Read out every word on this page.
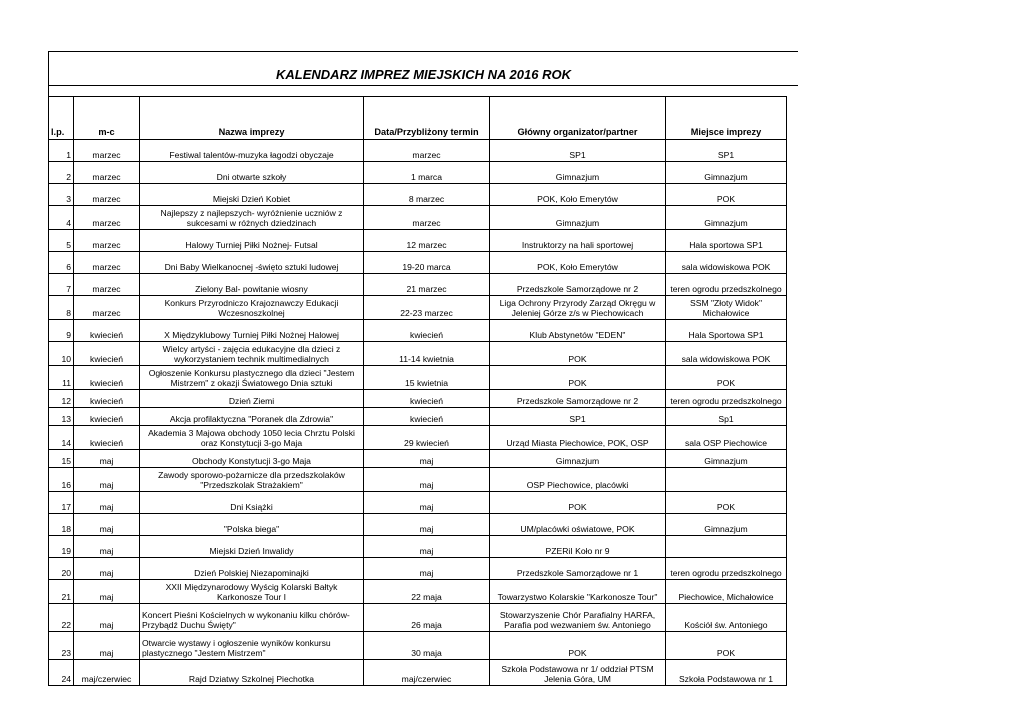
KALENDARZ IMPREZ MIEJSKICH NA 2016 ROK
l.p.	m-c	Nazwa imprezy	Data/Przybliżony termin	Główny organizator/partner	Miejsce imprezy
1	marzec	Festiwal talentów-muzyka łagodzi obyczaje	marzec	SP1	SP1
2	marzec	Dni otwarte szkoły	1 marca	Gimnazjum	Gimnazjum
3	marzec	Miejski Dzień Kobiet	8 marzec	POK, Koło Emerytów	POK
4	marzec	Najlepszy z najlepszych- wyróżnienie uczniów z sukcesami w różnych dziedzinach	marzec	Gimnazjum	Gimnazjum
5	marzec	Halowy Turniej Piłki Nożnej- Futsal	12 marzec	Instruktorzy na hali sportowej	Hala sportowa SP1
6	marzec	Dni Baby Wielkanocnej -święto sztuki ludowej	19-20 marca	POK, Koło Emerytów	sala widowiskowa POK
7	marzec	Zielony Bal- powitanie wiosny	21 marzec	Przedszkole Samorządowe nr 2	teren ogrodu przedszkolnego
8	marzec	Konkurs Przyrodniczo Krajoznawczy Edukacji Wczesnoszkolnej	22-23 marzec	Liga Ochrony Przyrody Zarząd Okręgu w Jeleniej Górze z/s w Piechowicach	SSM "Złoty Widok" Michałowice
9	kwiecień	X Międzyklubowy Turniej Piłki Nożnej Halowej	kwiecień	Klub Abstynetów "EDEN"	Hala Sportowa SP1
10	kwiecień	Wielcy artyści - zajęcia edukacyjne dla dzieci z wykorzystaniem technik multimedialnych	11-14 kwietnia	POK	sala widowiskowa POK
11	kwiecień	Ogłoszenie Konkursu plastycznego dla dzieci "Jestem Mistrzem" z okazji Światowego Dnia sztuki	15 kwietnia	POK	POK
12	kwiecień	Dzień Ziemi	kwiecień	Przedszkole Samorządowe nr 2	teren ogrodu przedszkolnego
13	kwiecień	Akcja profilaktyczna "Poranek dla Zdrowia"	kwiecień	SP1	Sp1
14	kwiecień	Akademia 3 Majowa obchody 1050 lecia Chrztu Polski oraz Konstytucji 3-go Maja	29 kwiecień	Urząd Miasta Piechowice, POK, OSP	sala OSP Piechowice
15	maj	Obchody Konstytucji 3-go Maja	maj	Gimnazjum	Gimnazjum
16	maj	Zawody sporowo-pożarnicze dla przedszkolaków "Przedszkolak Strażakiem"	maj	OSP Piechowice, placówki	
17	maj	Dni Książki	maj	POK	POK
18	maj	"Polska biega"	maj	UM/placówki oświatowe, POK	Gimnazjum
19	maj	Miejski Dzień Inwalidy	maj	PZERiI Koło nr 9	
20	maj	Dzień Polskiej Niezapominajki	maj	Przedszkole Samorządowe nr 1	teren ogrodu przedszkolnego
21	maj	XXII Międzynarodowy Wyścig Kolarski Bałtyk Karkonosze Tour I	22 maja	Towarzystwo Kolarskie "Karkonosze Tour"	Piechowice, Michałowice
22	maj	Koncert Pieśni Kościelnych w wykonaniu kilku chórów- Przybądź Duchu Święty"	26 maja	Stowarzyszenie Chór Parafialny HARFA, Parafia pod wezwaniem św. Antoniego	Kościół św. Antoniego
23	maj	Otwarcie wystawy i ogłoszenie wyników konkursu plastycznego "Jestem Mistrzem"	30 maja	POK	POK
24	maj/czerwiec	Rajd Dziatwy Szkolnej Piechotka	maj/czerwiec	Szkoła Podstawowa nr 1/ oddział PTSM Jelenia Góra, UM	Szkoła Podstawowa nr 1
